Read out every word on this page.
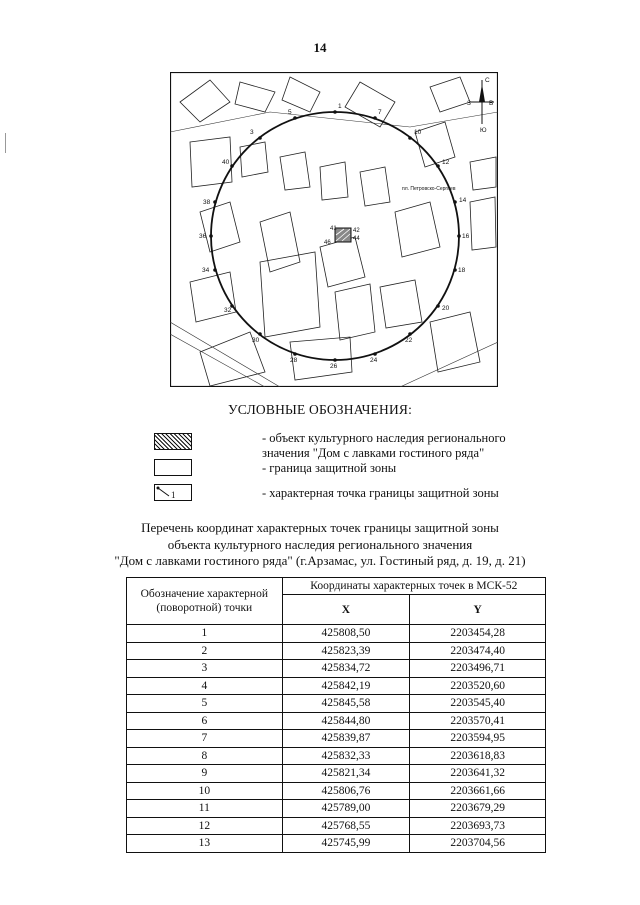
14
1
7
10
12
14
16
18
20
22
24
26
28
30
32
34
36
38
40
3
5
41	42
44
46
пл. Петровско-Сергиев
С
З	В
Ю
УСЛОВНЫЕ ОБОЗНАЧЕНИЯ:
- объект культурного наследия регионального
значения "Дом с лавками гостиного ряда"
- граница защитной зоны
1	- характерная точка границы защитной зоны
Перечень координат характерных точек границы защитной зоны
объекта культурного наследия регионального значения
"Дом с лавками гостиного ряда" (г.Арзамас, ул. Гостиный ряд, д. 19, д. 21)
Обозначение характерной (поворотной) точки	Координаты характерных точек в МСК-52	
	X	Y
1	425808,50	2203454,28
2	425823,39	2203474,40
3	425834,72	2203496,71
4	425842,19	2203520,60
5	425845,58	2203545,40
6	425844,80	2203570,41
7	425839,87	2203594,95
8	425832,33	2203618,83
9	425821,34	2203641,32
10	425806,76	2203661,66
11	425789,00	2203679,29
12	425768,55	2203693,73
13	425745,99	2203704,56
